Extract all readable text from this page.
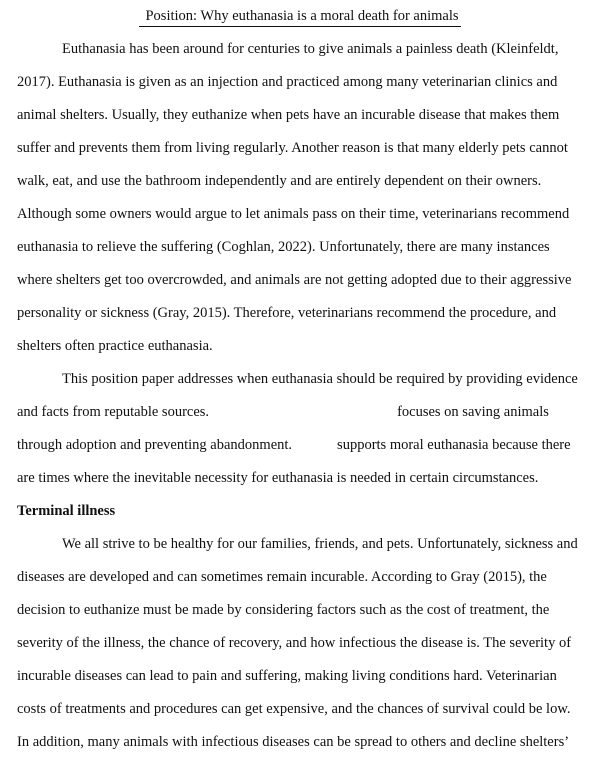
Position: Why euthanasia is a moral death for animals
Euthanasia has been around for centuries to give animals a painless death (Kleinfeldt,
2017). Euthanasia is given as an injection and practiced among many veterinarian clinics and
animal shelters. Usually, they euthanize when pets have an incurable disease that makes them
suffer and prevents them from living regularly. Another reason is that many elderly pets cannot
walk, eat, and use the bathroom independently and are entirely dependent on their owners.
Although some owners would argue to let animals pass on their time, veterinarians recommend
euthanasia to relieve the suffering (Coghlan, 2022). Unfortunately, there are many instances
where shelters get too overcrowded, and animals are not getting adopted due to their aggressive
personality or sickness (Gray, 2015). Therefore, veterinarians recommend the procedure, and
shelters often practice euthanasia.
This position paper addresses when euthanasia should be required by providing evidence
and facts from reputable sources.	focuses on saving animals
through adoption and preventing abandonment.	supports moral euthanasia because there
are times where the inevitable necessity for euthanasia is needed in certain circumstances.
Terminal illness
We all strive to be healthy for our families, friends, and pets. Unfortunately, sickness and
diseases are developed and can sometimes remain incurable. According to Gray (2015), the
decision to euthanize must be made by considering factors such as the cost of treatment, the
severity of the illness, the chance of recovery, and how infectious the disease is. The severity of
incurable diseases can lead to pain and suffering, making living conditions hard. Veterinarian
costs of treatments and procedures can get expensive, and the chances of survival could be low.
In addition, many animals with infectious diseases can be spread to others and decline shelters’
